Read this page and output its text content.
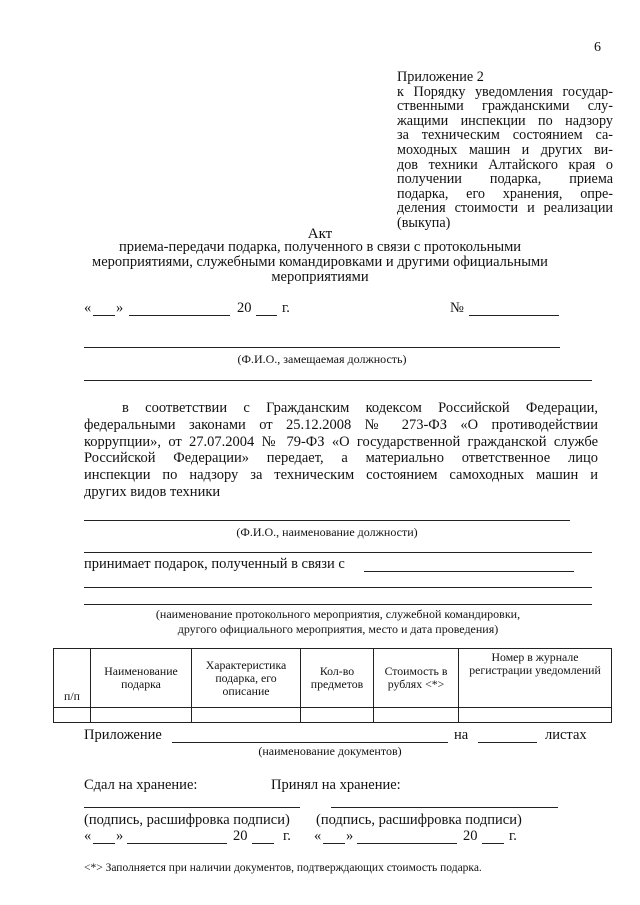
6
Приложение 2
к Порядку уведомления государ-
ственными гражданскими слу-
жащими инспекции по надзору
за техническим состоянием са-
моходных машин и других ви-
дов техники Алтайского края о
получении подарка, приема
подарка, его хранения, опре-
деления стоимости и реализации
(выкупа)
Акт
приема-передачи подарка, полученного в связи с протокольными
мероприятиями, служебными командировками и другими официальными
мероприятиями
« »	20 г.	№
(Ф.И.О., замещаемая должность)
в соответствии с Гражданским кодексом Российской Федерации,
федеральными законами от 25.12.2008 № 273-ФЗ «О противодействии
коррупции», от 27.07.2004 № 79-ФЗ «О государственной гражданской службе
Российской Федерации» передает, а материально ответственное лицо
инспекции по надзору за техническим состоянием самоходных машин и
других видов техники
(Ф.И.О., наименование должности)
принимает подарок, полученный в связи с
(наименование протокольного мероприятия, служебной командировки,
другого официального мероприятия, место и дата проведения)
п/п	Наименование подарка	Характеристика подарка, его описание	Кол-во предметов	Стоимость в рублях <*>	Номер в журнале регистрации уведомлений

Приложение	на	листах
(наименование документов)
Сдал на хранение:	Принял на хранение:
(подпись, расшифровка подписи) (подпись, расшифровка подписи)
« »	20 г. « »	20 г.
<*> Заполняется при наличии документов, подтверждающих стоимость подарка.
